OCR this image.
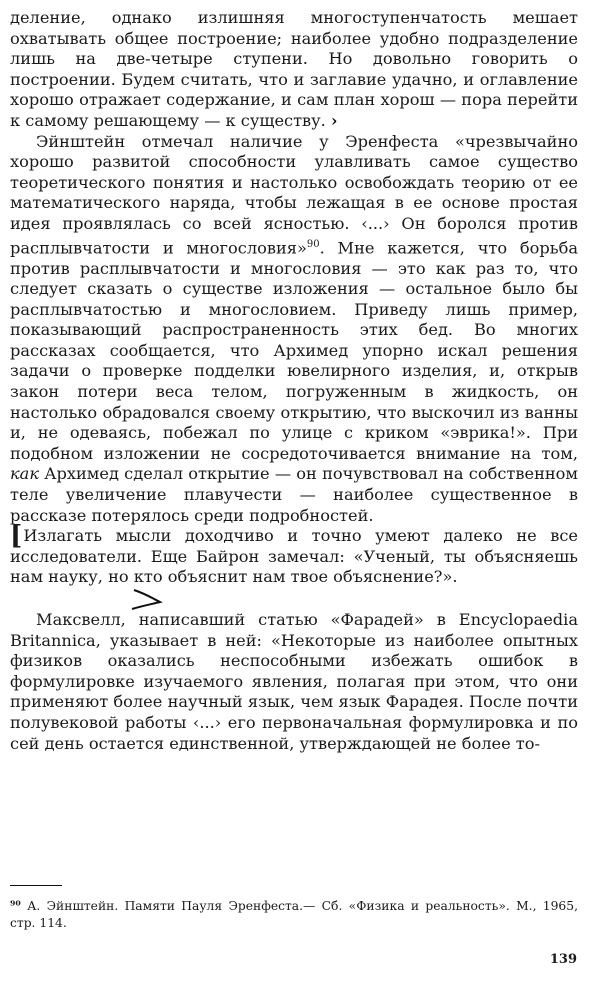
деление, однако излишняя многоступенчатость мешает охватывать общее построение; наиболее удобно подразделение лишь на две-четыре ступени. Но довольно говорить о построении. Будем считать, что и заглавие удачно, и оглавление хорошо отражает содержание, и сам план хорош — пора перейти к самому решающему — к существу. ›

Эйнштейн отмечал наличие у Эренфеста «чрезвычайно хорошо развитой способности улавливать самое существо теоретического понятия и настолько освобождать теорию от ее математического наряда, чтобы лежащая в ее основе простая идея проявлялась со всей ясностью. ‹...› Он боролся против расплывчатости и многословия»$^{90}$. Мне кажется, что борьба против расплывчатости и многословия — это как раз то, что следует сказать о существе изложения — остальное было бы расплывчатостью и многословием. Приведу лишь пример, показывающий распространенность этих бед. Во многих рассказах сообщается, что Архимед упорно искал решения задачи о проверке подделки ювелирного изделия, и, открыв закон потери веса телом, погруженным в жидкость, он настолько обрадовался своему открытию, что выскочил из ванны и, не одеваясь, побежал по улице с криком «эврика!». При подобном изложении не сосредоточивается внимание на том, как Архимед сделал открытие — он почувствовал на собственном теле увеличение плавучести — наиболее существенное в рассказе потерялось среди подробностей.

[Излагать мысли доходчиво и точно умеют далеко не все исследователи. Еще Байрон замечал: «Ученый, ты объясняешь нам науку, но кто объяснит нам твое объяснение?».

Максвелл, написавший статью «Фарадей» в Encyclopaedia Britannica, указывает в ней: «Некоторые из наиболее опытных физиков оказались неспособными избежать ошибок в формулировке изучаемого явления, полагая при этом, что они применяют более научный язык, чем язык Фарадея. После почти полувековой работы ‹...› его первоначальная формулировка и по сей день остается единственной, утверждающей не более то-

⁹⁰ А. Эйнштейн. Памяти Пауля Эренфеста.— Сб. «Физика и реальность». М., 1965, стр. 114.
139
